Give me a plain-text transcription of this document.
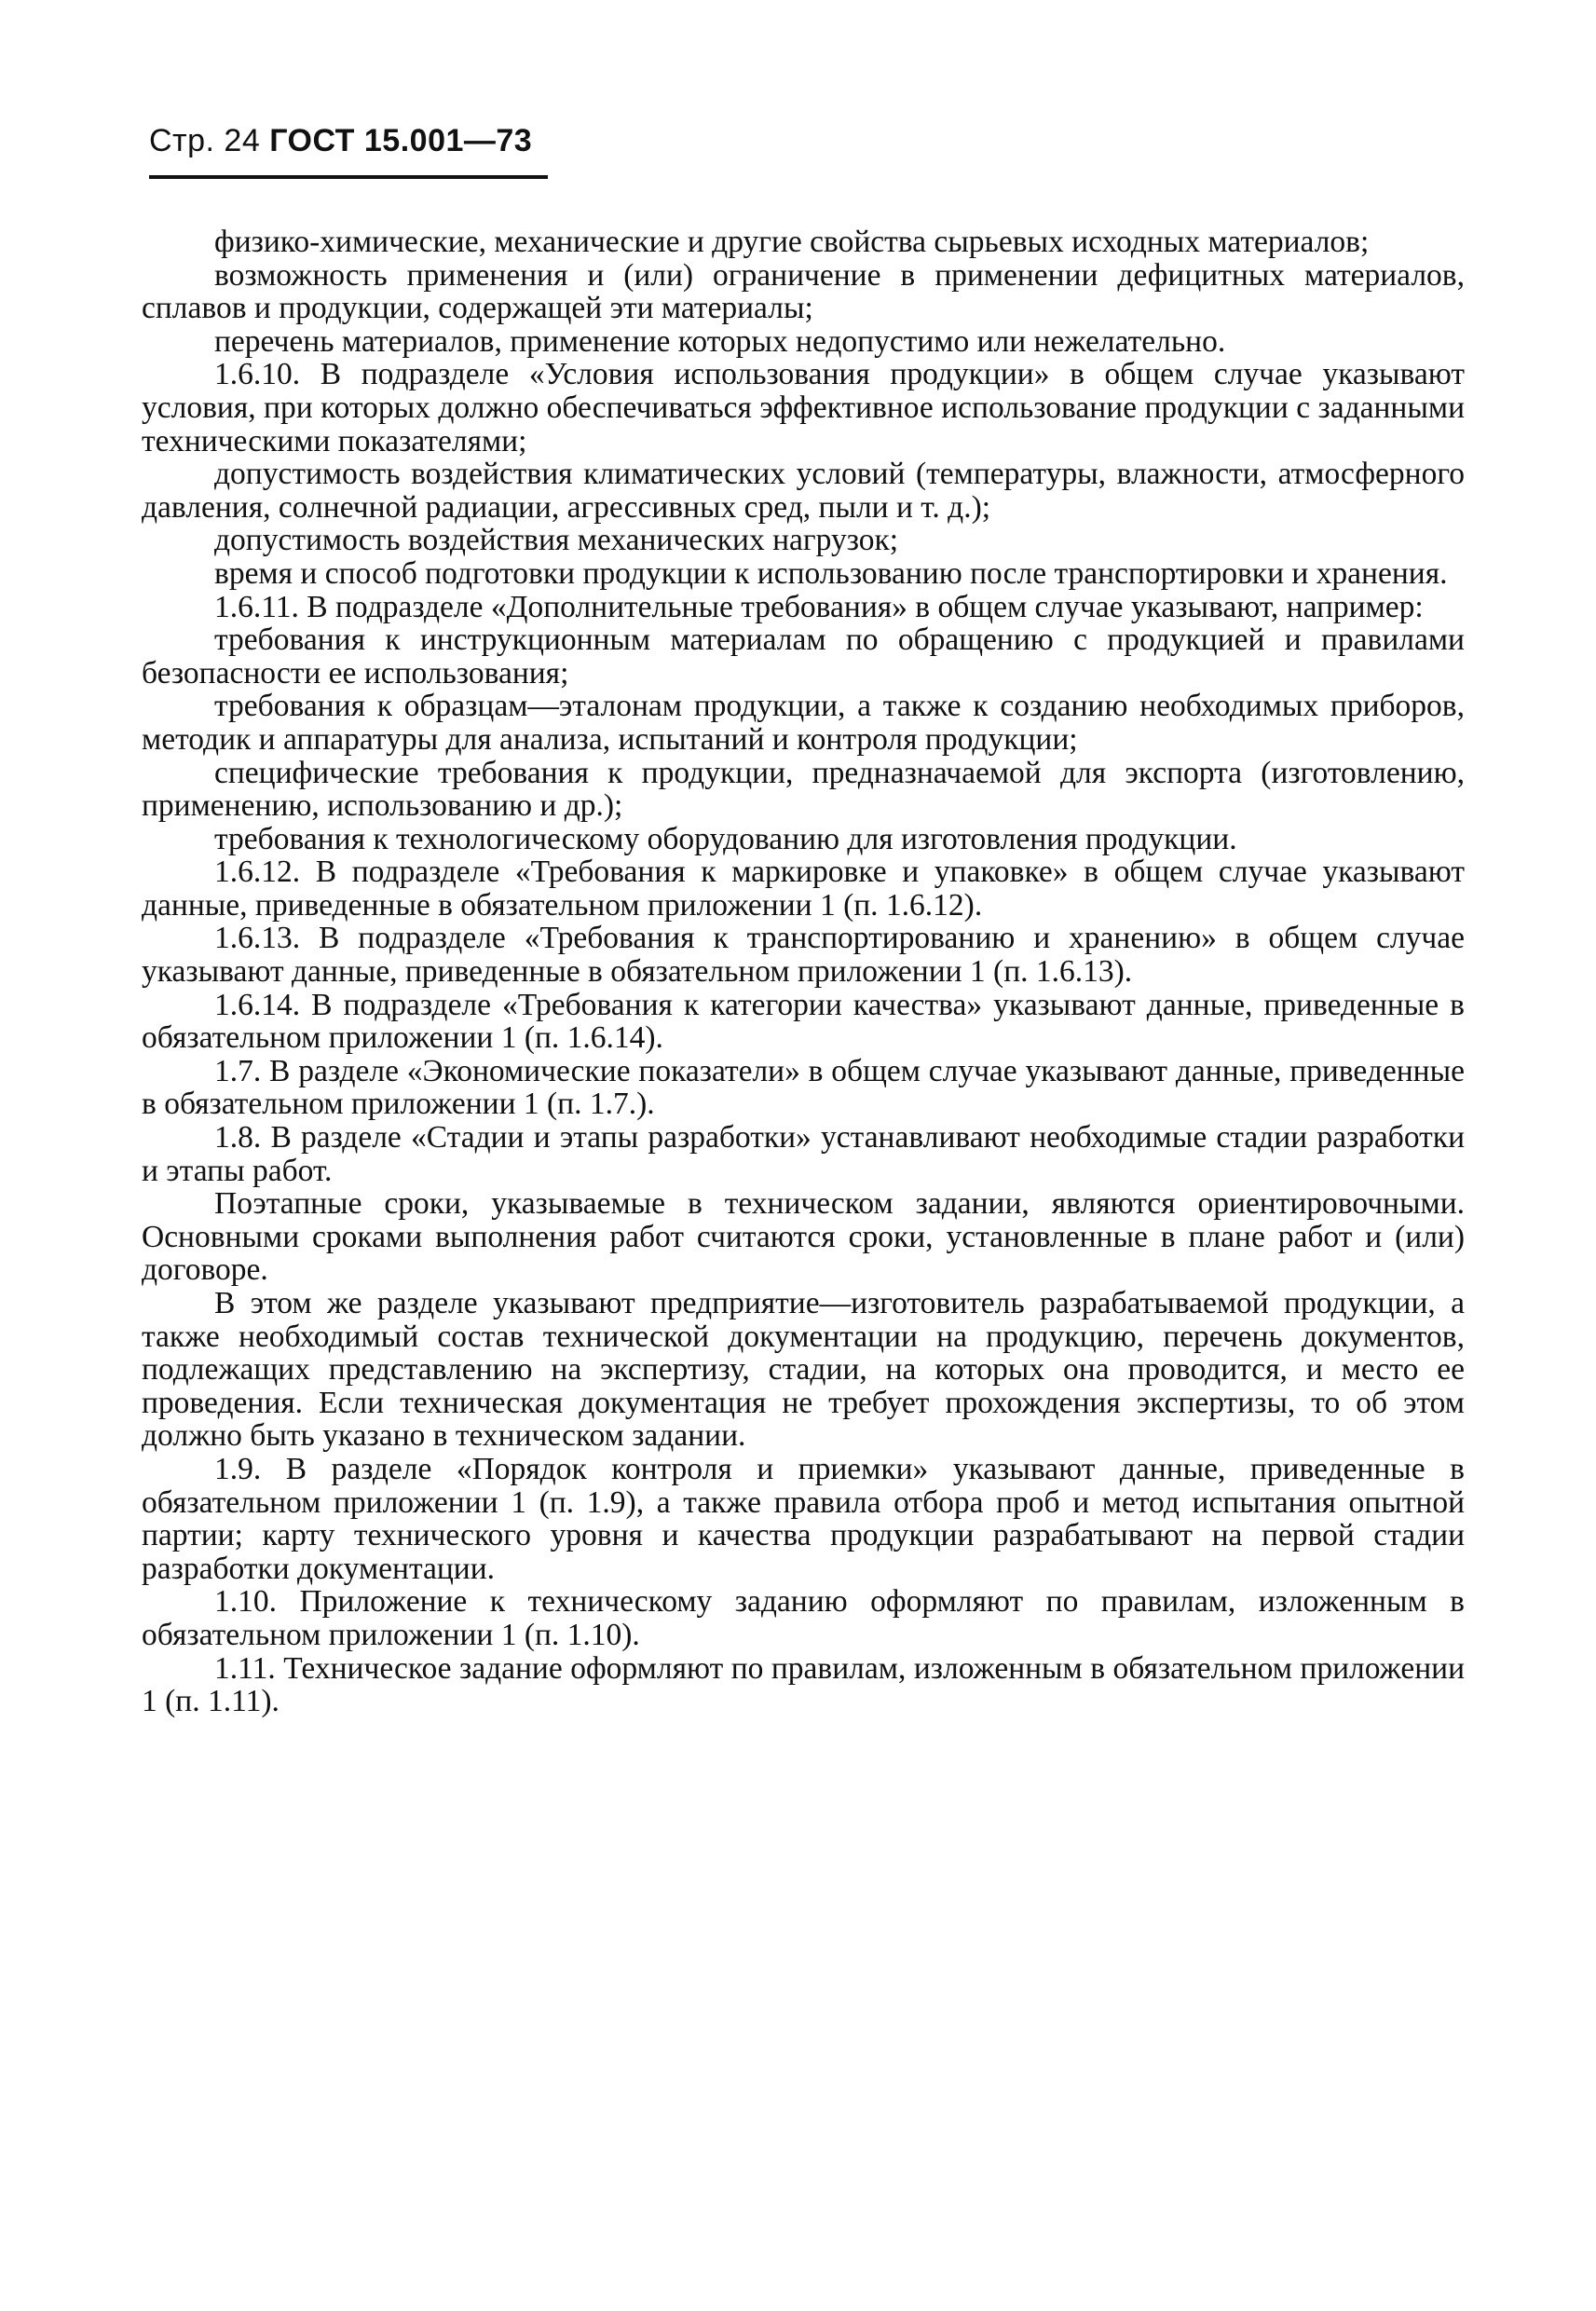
Стр. 24 ГОСТ 15.001—73

физико-химические, механические и другие свойства сырьевых исходных материалов;

возможность применения и (или) ограничение в применении дефицитных материалов, сплавов и продукции, содержащей эти материалы;

перечень материалов, применение которых недопустимо или нежелательно.

1.6.10. В подразделе «Условия использования продукции» в общем случае указывают условия, при которых должно обеспечиваться эффективное использование продукции с заданными техническими показателями;

допустимость воздействия климатических условий (температуры, влажности, атмосферного давления, солнечной радиации, агрессивных сред, пыли и т. д.);

допустимость воздействия механических нагрузок;

время и способ подготовки продукции к использованию после транспортировки и хранения.

1.6.11. В подразделе «Дополнительные требования» в общем случае указывают, например:

требования к инструкционным материалам по обращению с продукцией и правилами безопасности ее использования;

требования к образцам—эталонам продукции, а также к созданию необходимых приборов, методик и аппаратуры для анализа, испытаний и контроля продукции;

специфические требования к продукции, предназначаемой для экспорта (изготовлению, применению, использованию и др.);

требования к технологическому оборудованию для изготовления продукции.

1.6.12. В подразделе «Требования к маркировке и упаковке» в общем случае указывают данные, приведенные в обязательном приложении 1 (п. 1.6.12).

1.6.13. В подразделе «Требования к транспортированию и хранению» в общем случае указывают данные, приведенные в обязательном приложении 1 (п. 1.6.13).

1.6.14. В подразделе «Требования к категории качества» указывают данные, приведенные в обязательном приложении 1 (п. 1.6.14).

1.7. В разделе «Экономические показатели» в общем случае указывают данные, приведенные в обязательном приложении 1 (п. 1.7.).

1.8. В разделе «Стадии и этапы разработки» устанавливают необходимые стадии разработки и этапы работ.

Поэтапные сроки, указываемые в техническом задании, являются ориентировочными. Основными сроками выполнения работ считаются сроки, установленные в плане работ и (или) договоре.

В этом же разделе указывают предприятие—изготовитель разрабатываемой продукции, а также необходимый состав технической документации на продукцию, перечень документов, подлежащих представлению на экспертизу, стадии, на которых она проводится, и место ее проведения. Если техническая документация не требует прохождения экспертизы, то об этом должно быть указано в техническом задании.

1.9. В разделе «Порядок контроля и приемки» указывают данные, приведенные в обязательном приложении 1 (п. 1.9), а также правила отбора проб и метод испытания опытной партии; карту технического уровня и качества продукции разрабатывают на первой стадии разработки документации.

1.10. Приложение к техническому заданию оформляют по правилам, изложенным в обязательном приложении 1 (п. 1.10).

1.11. Техническое задание оформляют по правилам, изложенным в обязательном приложении 1 (п. 1.11).
